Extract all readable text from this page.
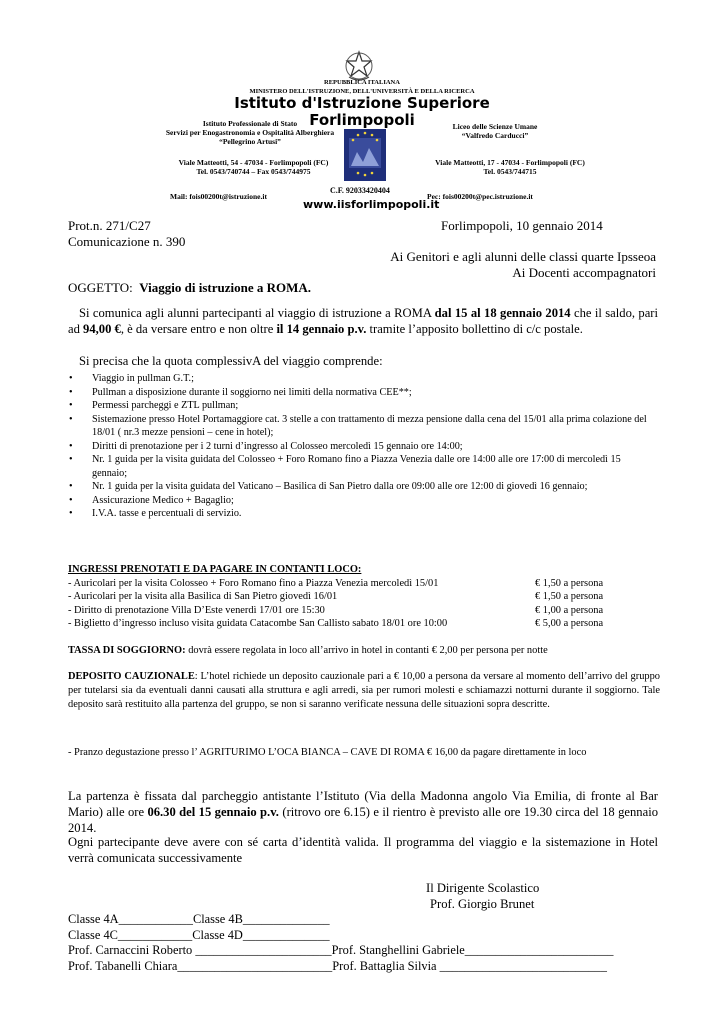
REPUBBLICA ITALIANA
MINISTERO DELL'ISTRUZIONE, DELL'UNIVERSITÀ E DELLA RICERCA
Istituto d'Istruzione Superiore
Forlimpopoli
Istituto Professionale di Stato
Servizi per Enogastronomia e Ospitalità Alberghiera
“Pellegrino Artusi”
Liceo delle Scienze Umane
“Valfredo Carducci”
Viale Matteotti, 54 - 47034 - Forlimpopoli (FC)
Tel. 0543/740744 – Fax 0543/744975
Viale Matteotti, 17 - 47034 - Forlimpopoli (FC)
Tel. 0543/744715
Mail: fois00200t@istruzione.it
C.F. 92033420404
www.iisforlimpopoli.it
Pec: fois00200t@pec.istruzione.it
Prot.n. 271/C27	Forlimpopoli, 10 gennaio 2014
Comunicazione n. 390
Ai Genitori e agli alunni delle classi quarte Ipsseoa
Ai Docenti accompagnatori
OGGETTO: Viaggio di istruzione a ROMA.
Si comunica agli alunni partecipanti al viaggio di istruzione a ROMA dal 15 al 18 gennaio 2014 che il saldo, pari ad 94,00 €, è da versare entro e non oltre il 14 gennaio p.v. tramite l’apposito bollettino di c/c postale.
Si precisa che la quota complessivA del viaggio comprende:
• Viaggio in pullman G.T.;
• Pullman a disposizione durante il soggiorno nei limiti della normativa CEE**;
• Permessi parcheggi e ZTL pullman;
• Sistemazione presso Hotel Portamaggiore cat. 3 stelle a con trattamento di mezza pensione dalla cena del 15/01 alla prima colazione del 18/01 ( nr.3 mezze pensioni – cene in hotel);
• Diritti di prenotazione per i 2 turni d’ingresso al Colosseo mercoledì 15 gennaio ore 14:00;
• Nr. 1 guida per la visita guidata del Colosseo + Foro Romano fino a Piazza Venezia dalle ore 14:00 alle ore 17:00 di mercoledì 15 gennaio;
• Nr. 1 guida per la visita guidata del Vaticano – Basilica di San Pietro dalla ore 09:00 alle ore 12:00 di giovedì 16 gennaio;
• Assicurazione Medico + Bagaglio;
• I.V.A. tasse e percentuali di servizio.
INGRESSI PRENOTATI E DA PAGARE IN CONTANTI LOCO:
- Auricolari per la visita Colosseo + Foro Romano fino a Piazza Venezia mercoledì 15/01	€ 1,50 a persona
- Auricolari per la visita alla Basilica di San Pietro giovedì 16/01	€ 1,50 a persona
- Diritto di prenotazione Villa D’Este venerdì 17/01 ore 15:30	€ 1,00 a persona
- Biglietto d’ingresso incluso visita guidata Catacombe San Callisto sabato 18/01 ore 10:00	€ 5,00 a persona
TASSA DI SOGGIORNO: dovrà essere regolata in loco all’arrivo in hotel in contanti € 2,00 per persona per notte
DEPOSITO CAUZIONALE: L’hotel richiede un deposito cauzionale pari a € 10,00 a persona da versare al momento dell’arrivo del gruppo per tutelarsi sia da eventuali danni causati alla struttura e agli arredi, sia per rumori molesti e schiamazzi notturni durante il soggiorno. Tale deposito sarà restituito alla partenza del gruppo, se non si saranno verificate nessuna delle situazioni sopra descritte.
- Pranzo degustazione presso l’ AGRITURIMO L’OCA BIANCA – CAVE DI ROMA € 16,00 da pagare direttamente in loco
La partenza è fissata dal parcheggio antistante l’Istituto (Via della Madonna angolo Via Emilia, di fronte al Bar Mario) alle ore 06.30 del 15 gennaio p.v. (ritrovo ore 6.15) e il rientro è previsto alle ore 19.30 circa del 18 gennaio 2014.
Ogni partecipante deve avere con sé carta d’identità valida. Il programma del viaggio e la sistemazione in Hotel verrà comunicata successivamente
Il Dirigente Scolastico
Prof. Giorgio Brunet
Classe 4A____________Classe 4B______________
Classe 4C____________Classe 4D______________
Prof. Carnaccini Roberto ______________________Prof. Stanghellini Gabriele________________________
Prof. Tabanelli Chiara_________________________Prof. Battaglia Silvia ___________________________
